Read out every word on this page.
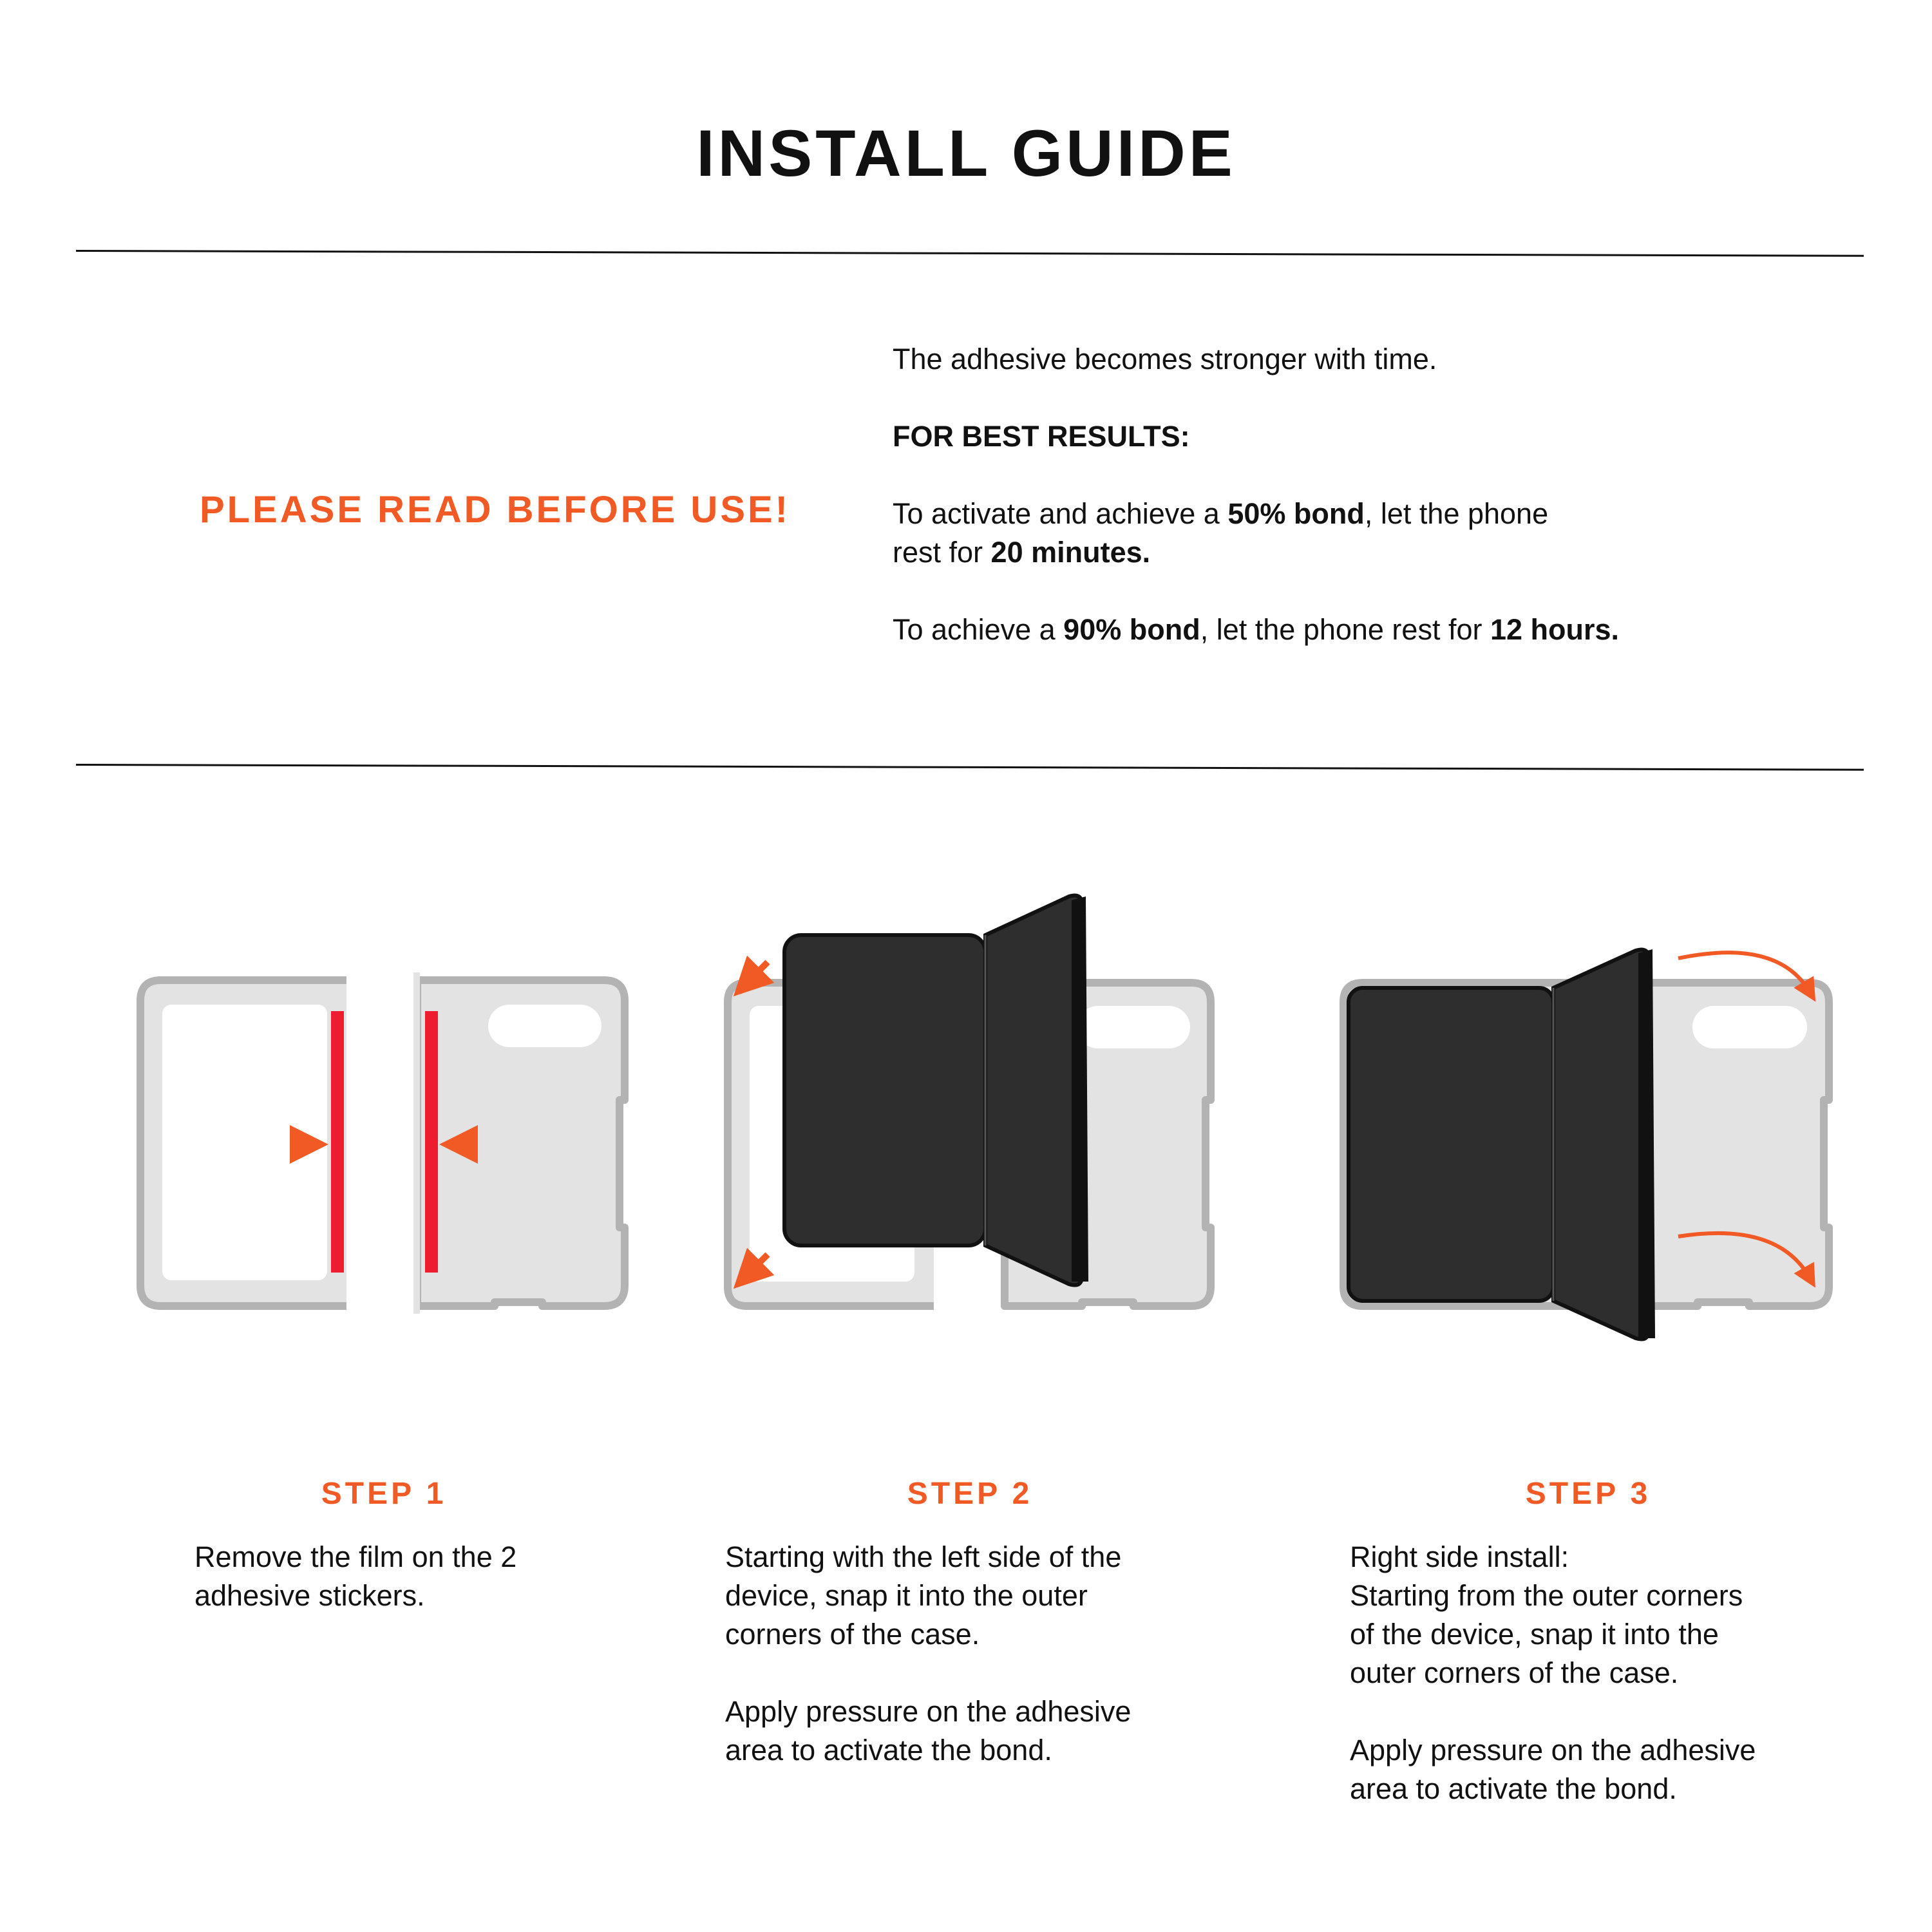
INSTALL GUIDE
PLEASE READ BEFORE USE!

The adhesive becomes stronger with time.

FOR BEST RESULTS:

To activate and achieve a 50% bond, let the phone

rest for 20 minutes.

To achieve a 90% bond, let the phone rest for 12 hours.

STEP 1

Remove the film on the 2

adhesive stickers.

STEP 2

Starting with the left side of the

device, snap it into the outer

corners of the case.

Apply pressure on the adhesive

area to activate the bond.

STEP 3

Right side install:

Starting from the outer corners

of the device, snap it into the

outer corners of the case.

Apply pressure on the adhesive

area to activate the bond.
